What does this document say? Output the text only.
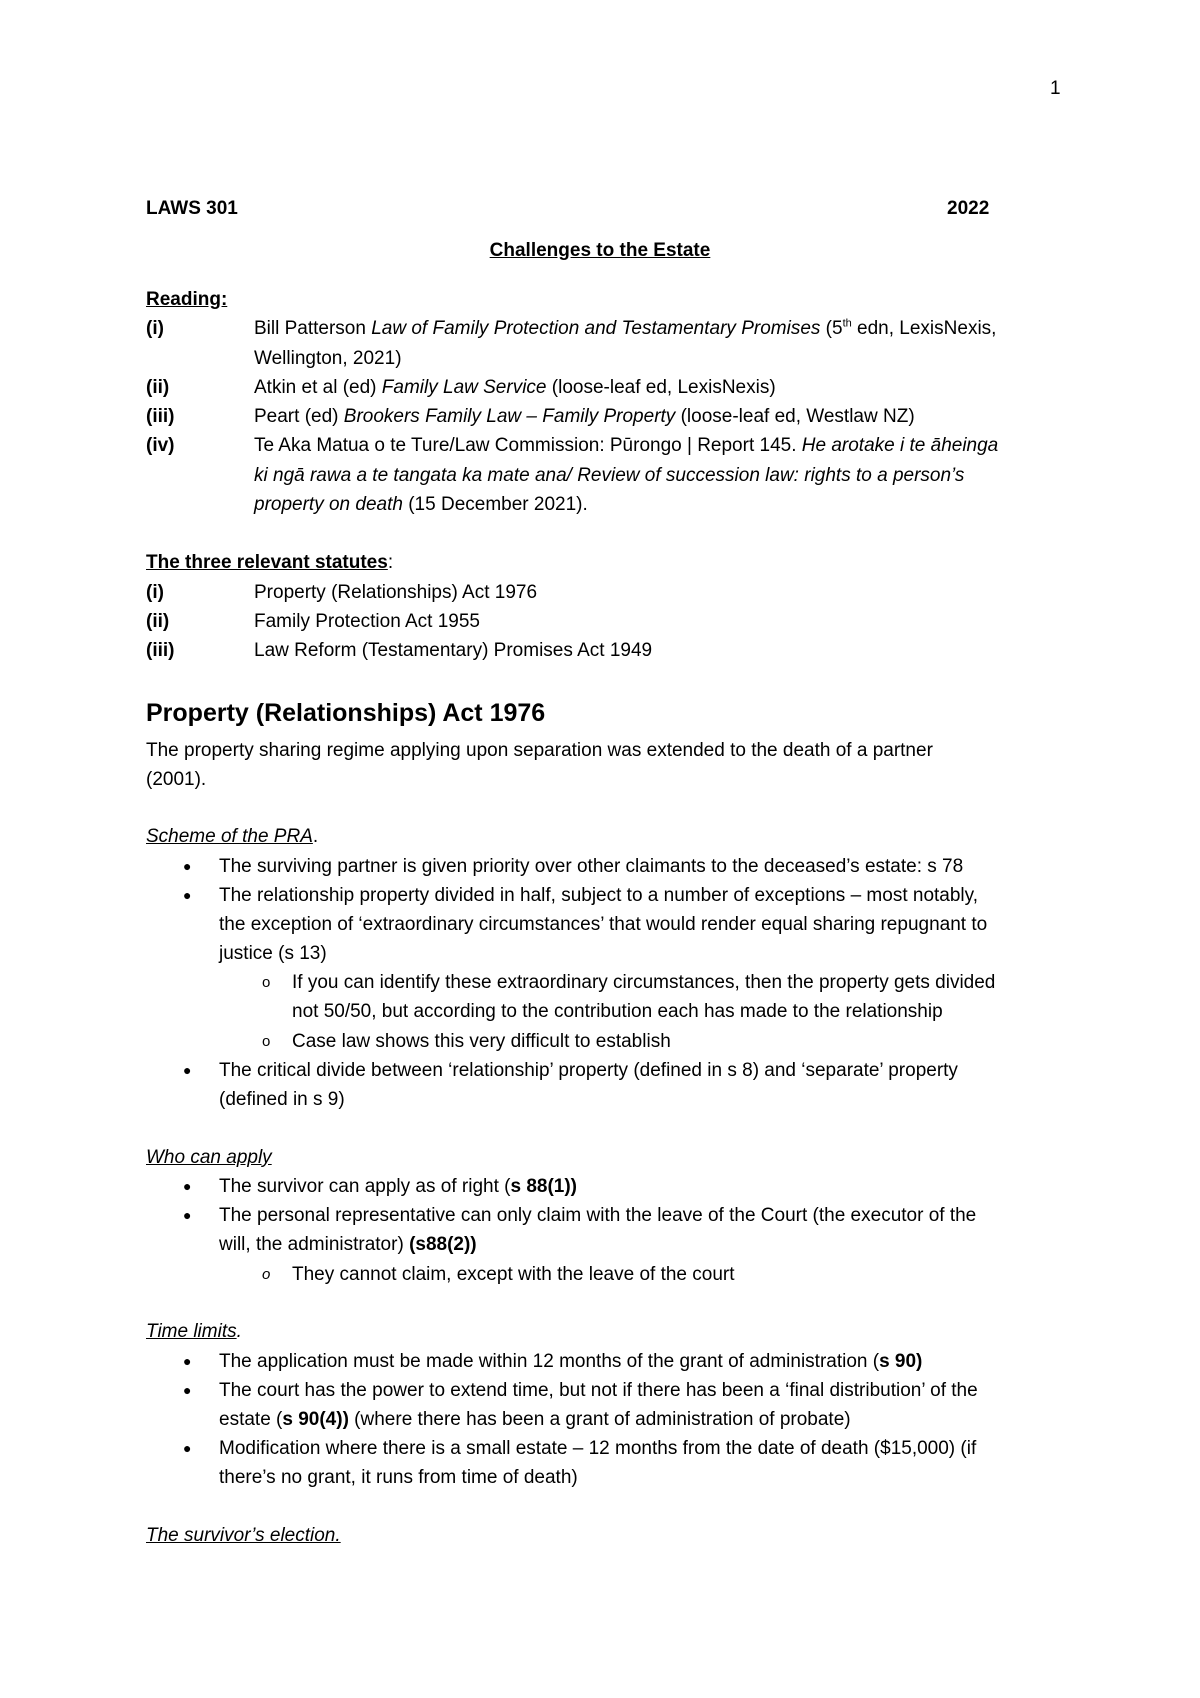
1
LAWS 301	2022
Challenges to the Estate
Reading:
(i)	Bill Patterson Law of Family Protection and Testamentary Promises (5th edn, LexisNexis,
Wellington, 2021)
(ii)	Atkin et al (ed) Family Law Service (loose-leaf ed, LexisNexis)
(iii)	Peart (ed) Brookers Family Law – Family Property (loose-leaf ed, Westlaw NZ)
(iv)	Te Aka Matua o te Ture/Law Commission: Pūrongo | Report 145. He arotake i te āheinga
ki ngā rawa a te tangata ka mate ana/ Review of succession law: rights to a person’s
property on death (15 December 2021).
The three relevant statutes:
(i)	Property (Relationships) Act 1976
(ii)	Family Protection Act 1955
(iii)	Law Reform (Testamentary) Promises Act 1949
Property (Relationships) Act 1976
The property sharing regime applying upon separation was extended to the death of a partner
(2001).
Scheme of the PRA.
● The surviving partner is given priority over other claimants to the deceased’s estate: s 78
● The relationship property divided in half, subject to a number of exceptions – most notably,
the exception of ‘extraordinary circumstances’ that would render equal sharing repugnant to
justice (s 13)
o If you can identify these extraordinary circumstances, then the property gets divided
not 50/50, but according to the contribution each has made to the relationship
o Case law shows this very difficult to establish
● The critical divide between ‘relationship’ property (defined in s 8) and ‘separate’ property
(defined in s 9)
Who can apply
● The survivor can apply as of right (s 88(1))
● The personal representative can only claim with the leave of the Court (the executor of the
will, the administrator) (s88(2))
o They cannot claim, except with the leave of the court
Time limits.
● The application must be made within 12 months of the grant of administration (s 90)
● The court has the power to extend time, but not if there has been a ‘final distribution’ of the
estate (s 90(4)) (where there has been a grant of administration of probate)
● Modification where there is a small estate – 12 months from the date of death ($15,000) (if
there’s no grant, it runs from time of death)
The survivor’s election.
